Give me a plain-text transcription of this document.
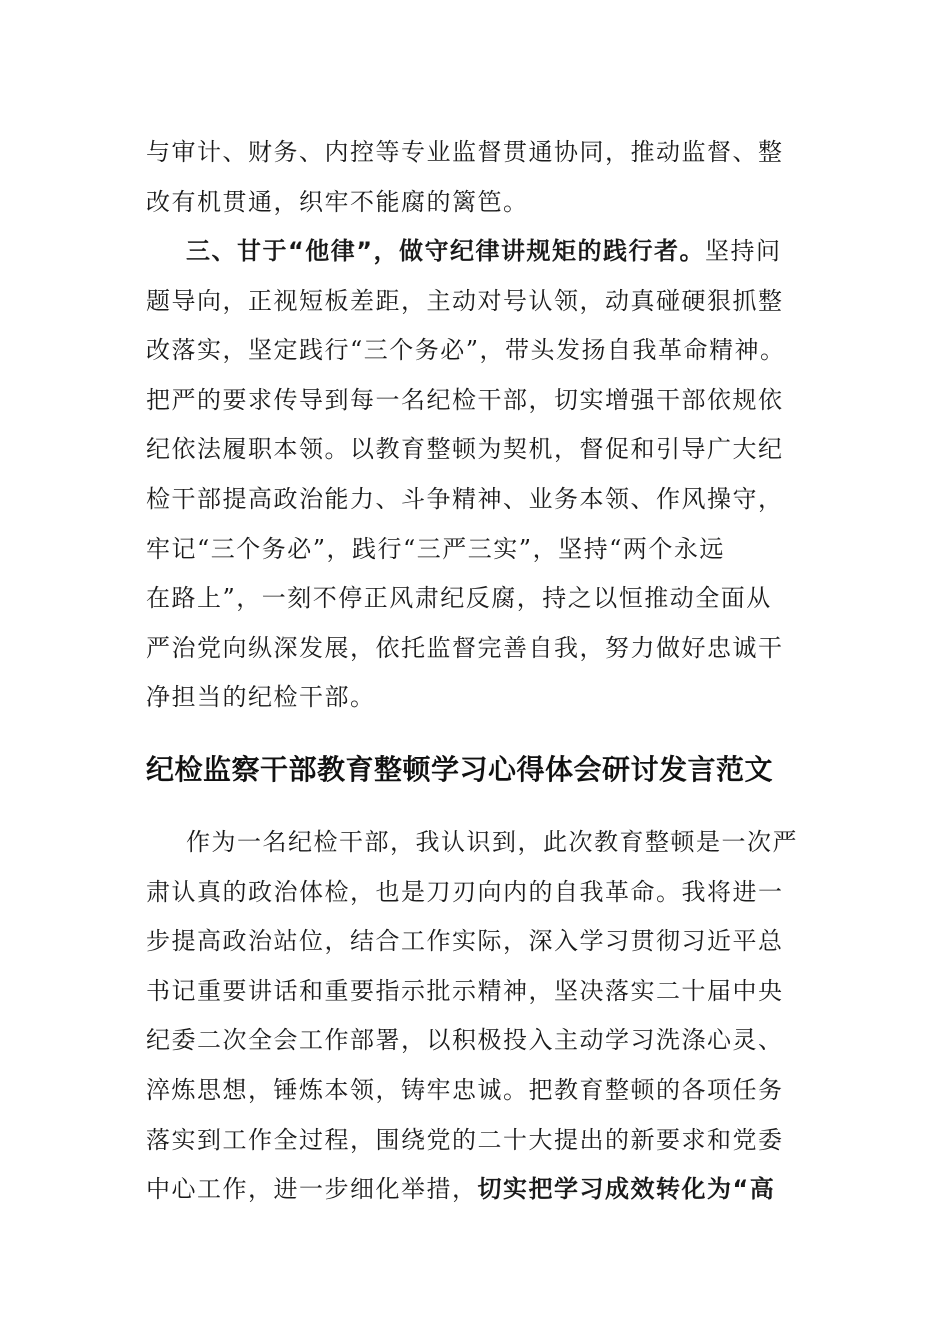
与审计、财务、内控等专业监督贯通协同，推动监督、整
改有机贯通，织牢不能腐的篱笆。
三、甘于“他律”，做守纪律讲规矩的践行者。坚持问
题导向，正视短板差距，主动对号认领，动真碰硬狠抓整
改落实，坚定践行“三个务必”，带头发扬自我革命精神。
把严的要求传导到每一名纪检干部，切实增强干部依规依
纪依法履职本领。以教育整顿为契机，督促和引导广大纪
检干部提高政治能力、斗争精神、业务本领、作风操守，
牢记“三个务必”，践行“三严三实”，坚持“两个永远
在路上”，一刻不停正风肃纪反腐，持之以恒推动全面从
严治党向纵深发展，依托监督完善自我，努力做好忠诚干
净担当的纪检干部。
纪检监察干部教育整顿学习心得体会研讨发言范文
作为一名纪检干部，我认识到，此次教育整顿是一次严
肃认真的政治体检，也是刀刃向内的自我革命。我将进一
步提高政治站位，结合工作实际，深入学习贯彻习近平总
书记重要讲话和重要指示批示精神，坚决落实二十届中央
纪委二次全会工作部署，以积极投入主动学习洗涤心灵、
淬炼思想，锤炼本领，铸牢忠诚。把教育整顿的各项任务
落实到工作全过程，围绕党的二十大提出的新要求和党委
中心工作，进一步细化举措，切实把学习成效转化为“高
